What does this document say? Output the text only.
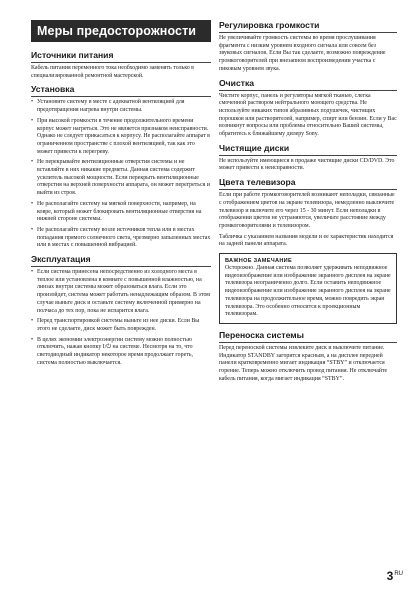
Меры предосторожности
Источники питания

Кабель питания переменного тока необходимо заменять только в специализированной ремонтной мастерской.

Установка
• Установите систему в месте с адекватной вентиляцией для предотвращения нагрева внутри системы.
• При высокой громкости в течение продолжительного времени корпус может нагреться. Это не является признаком неисправности. Однако не следует прикасаться к корпусу. Не располагайте аппарат в ограниченном пространстве с плохой вентиляцией, так как это может привести к перегреву.
• Не перекрывайте вентиляционные отверстия системы и не вставляйте в них никакие предметы. Данная система содержит усилитель высокой мощности. Если перекрыть вентиляционные отверстия на верхней поверхности аппарата, он может перегреться и выйти из строя.
• Не располагайте систему на мягкой поверхности, например, на ковре, который может блокировать вентиляционные отверстия на нижней стороне системы.
• Не располагайте систему возле источников тепла или в местах попадания прямого солнечного света, чрезмерно запыленных местах или в местах с повышенной вибрацией.
Эксплуатация
• Если система принесена непосредственно из холодного места в теплое или установлена в комнате с повышенной влажностью, на линзах внутри системы может образоваться влага. Если это произойдет, система может работать ненадлежащим образом. В этом случае выньте диск и оставьте систему включенной примерно на полчаса до тех пор, пока не испарится влага.
• Перед транспортировкой системы выньте из нее диски. Если Вы этого не сделаете, диск может быть поврежден.
• В целях экономии электроэнергии систему можно полностью отключить, нажав кнопку I/⏻ на системе. Несмотря на то, что светодиодный индикатор некоторое время продолжает гореть, система полностью выключается.
Регулировка громкости

Не увеличивайте громкость системы во время прослушивания фрагмента с низким уровнем входного сигнала или совсем без звуковых сигналов. Если Вы так сделаете, возможно повреждение громкоговорителей при внезапном воспроизведении участка с пиковым уровнем звука.

Очистка

Чистите корпус, панель и регуляторы мягкой тканью, слегка смоченной раствором нейтрального моющего средства. Не используйте никаких типов абразивных подушечек, чистящих порошков или растворителей, например, спирт или бензин. Если у Вас возникнут вопросы или проблемы относительно Вашей системы, обратитесь к ближайшему дилеру Sony.

Чистящие диски

Не используйте имеющиеся в продаже чистящие диски CD/DVD. Это может привести к неисправности.

Цвета телевизора

Если при работе громкоговорителей возникают неполадки, связанные с отображением цветов на экране телевизора, немедленно выключите телевизор и включите его через 15 - 30 минут. Если неполадки в отображении цветов не устраняются, увеличьте расстояние между громкоговорителями и телевизором.

Табличка с указанием названия модели и ее характеристик находится на задней панели аппарата.

ВАЖНОЕ ЗАМЕЧАНИЕ

Осторожно. Данная система позволяет удерживать неподвижное видеоизображение или изображение экранного дисплея на экране телевизора неограниченно долго. Если оставить неподвижное видеоизображение или изображение экранного дисплея на экране телевизора на продолжительное время, можно повредить экран телевизора. Это особенно относится к проекционным телевизорам.

Переноска системы

Перед переноской системы извлеките диск и выключите питание. Индикатор STANDBY загорится красным, а на дисплее передней панели кратковременно мигает индикация “STBY” и отключается горение. Теперь можно отключить провод питания. Не отключайте кабель питания, когда мигает индикация “STBY”.

$3^{RU}$
